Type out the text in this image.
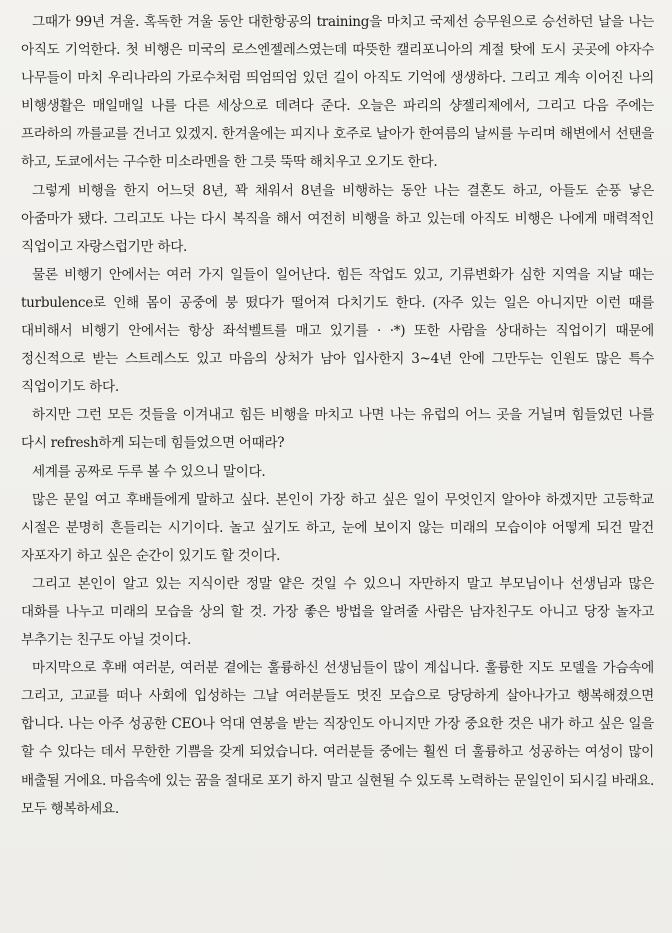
그때가 99년 겨울. 혹독한 겨울 동안 대한항공의 training을 마치고 국제선 승무원으로 승선하던 날을 나는 아직도 기억한다. 첫 비행은 미국의 로스엔젤레스였는데 따뜻한 캘리포니아의 계절 탓에 도시 곳곳에 야자수 나무들이 마치 우리나라의 가로수처럼 띄엄띄엄 있던 길이 아직도 기억에 생생하다. 그리고 계속 이어진 나의 비행생활은 매일매일 나를 다른 세상으로 데려다 준다. 오늘은 파리의 샹젤리제에서, 그리고 다음 주에는 프라하의 까를교를 건너고 있겠지. 한겨울에는 피지나 호주로 날아가 한여름의 날씨를 누리며 해변에서 선탠을 하고, 도쿄에서는 구수한 미소라멘을 한 그릇 뚝딱 해치우고 오기도 한다.

그렇게 비행을 한지 어느덧 8년, 꽉 채워서 8년을 비행하는 동안 나는 결혼도 하고, 아들도 순풍 낳은 아줌마가 됐다. 그리고도 나는 다시 복직을 해서 여전히 비행을 하고 있는데 아직도 비행은 나에게 매력적인 직업이고 자랑스럽기만 하다.

물론 비행기 안에서는 여러 가지 일들이 일어난다. 힘든 작업도 있고, 기류변화가 심한 지역을 지날 때는 turbulence로 인해 몸이 공중에 붕 떴다가 떨어져 다치기도 한다. (자주 있는 일은 아니지만 이런 때를 대비해서 비행기 안에서는 항상 좌석벨트를 매고 있기를 · ·*) 또한 사람을 상대하는 직업이기 때문에 정신적으로 받는 스트레스도 있고 마음의 상처가 남아 입사한지 3~4년 안에 그만두는 인원도 많은 특수 직업이기도 하다.

하지만 그런 모든 것들을 이겨내고 힘든 비행을 마치고 나면 나는 유럽의 어느 곳을 거닐며 힘들었던 나를 다시 refresh하게 되는데 힘들었으면 어때라?

세계를 공짜로 두루 볼 수 있으니 말이다.

많은 문일 여고 후배들에게 말하고 싶다. 본인이 가장 하고 싶은 일이 무엇인지 알아야 하겠지만 고등학교 시절은 분명히 흔들리는 시기이다. 놀고 싶기도 하고, 눈에 보이지 않는 미래의 모습이야 어떻게 되건 말건 자포자기 하고 싶은 순간이 있기도 할 것이다.

그리고 본인이 알고 있는 지식이란 정말 얕은 것일 수 있으니 자만하지 말고 부모님이나 선생님과 많은 대화를 나누고 미래의 모습을 상의 할 것. 가장 좋은 방법을 알려줄 사람은 남자친구도 아니고 당장 놀자고 부추기는 친구도 아닐 것이다.

마지막으로 후배 여러분, 여러분 곁에는 훌륭하신 선생님들이 많이 계십니다. 훌륭한 지도 모델을 가슴속에 그리고, 고교를 떠나 사회에 입성하는 그날 여러분들도 멋진 모습으로 당당하게 살아나가고 행복해졌으면 합니다. 나는 아주 성공한 CEO나 억대 연봉을 받는 직장인도 아니지만 가장 중요한 것은 내가 하고 싶은 일을 할 수 있다는 데서 무한한 기쁨을 갖게 되었습니다. 여러분들 중에는 훨씬 더 훌륭하고 성공하는 여성이 많이 배출될 거에요. 마음속에 있는 꿈을 절대로 포기 하지 말고 실현될 수 있도록 노력하는 문일인이 되시길 바래요. 모두 행복하세요.
